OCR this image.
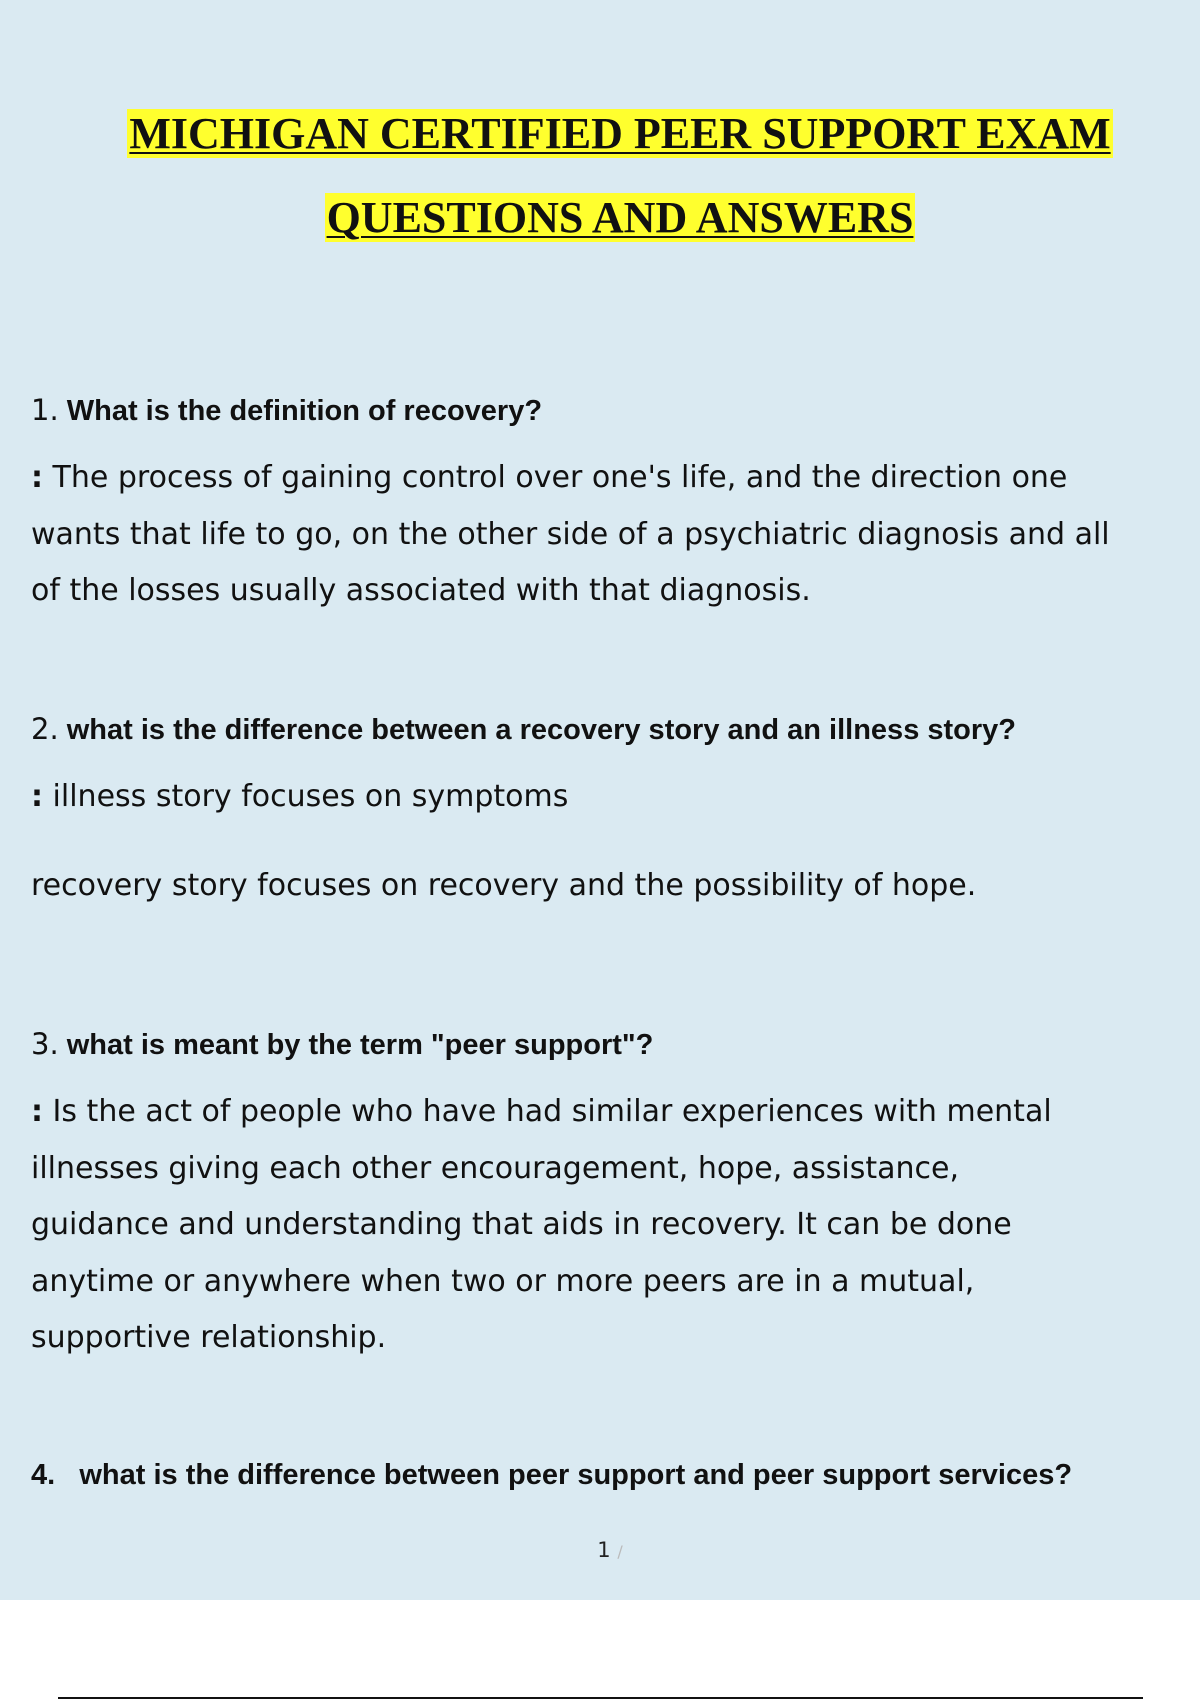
MICHIGAN CERTIFIED PEER SUPPORT EXAM
QUESTIONS AND ANSWERS
1. What is the definition of recovery?
: The process of gaining control over one's life, and the direction one
wants that life to go, on the other side of a psychiatric diagnosis and all
of the losses usually associated with that diagnosis.
2. what is the difference between a recovery story and an illness story?
: illness story focuses on symptoms
recovery story focuses on recovery and the possibility of hope.
3. what is meant by the term "peer support"?
: Is the act of people who have had similar experiences with mental
illnesses giving each other encouragement, hope, assistance,
guidance and understanding that aids in recovery. It can be done
anytime or anywhere when two or more peers are in a mutual,
supportive relationship.
4. what is the difference between peer support and peer support services?
1 /
